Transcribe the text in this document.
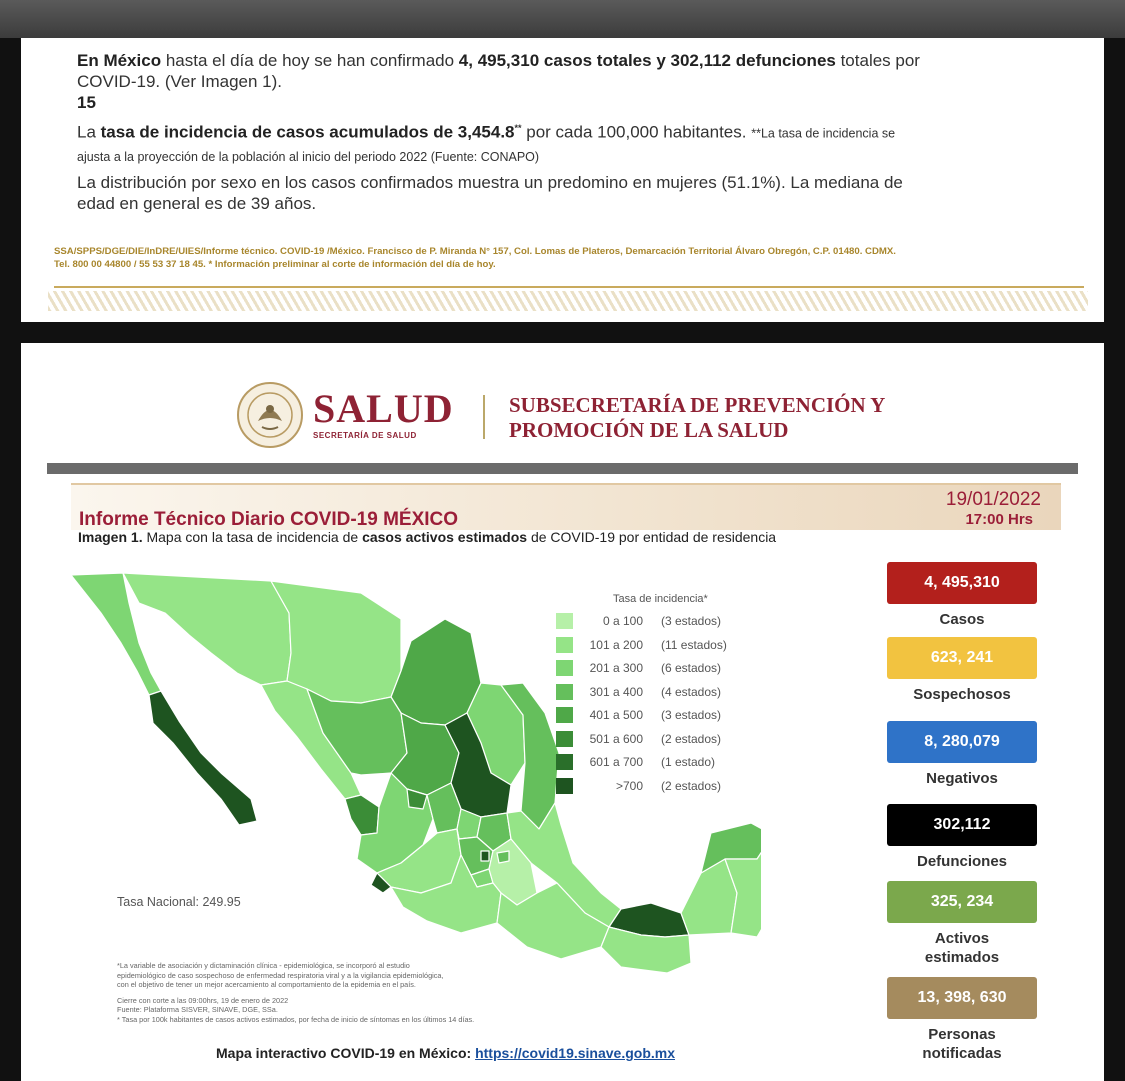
En México hasta el día de hoy se han confirmado 4, 495,310 casos totales y 302,112 defunciones totales por
COVID-19. (Ver Imagen 1).
15
La tasa de incidencia de casos acumulados de 3,454.8** por cada 100,000 habitantes. **La tasa de incidencia se
ajusta a la proyección de la población al inicio del periodo 2022 (Fuente: CONAPO)
La distribución por sexo en los casos confirmados muestra un predomino en mujeres (51.1%). La mediana de
edad en general es de 39 años.
SSA/SPPS/DGE/DIE/InDRE/UIES/Informe técnico. COVID-19 /México. Francisco de P. Miranda N° 157, Col. Lomas de Plateros, Demarcación Territorial Álvaro Obregón, C.P. 01480. CDMX.
Tel. 800 00 44800 / 55 53 37 18 45. * Información preliminar al corte de información del día de hoy.
SALUD
SECRETARÍA DE SALUD
SUBSECRETARÍA DE PREVENCIÓN Y
PROMOCIÓN DE LA SALUD
Informe Técnico Diario COVID-19 MÉXICO
19/01/2022
17:00 Hrs
Imagen 1. Mapa con la tasa de incidencia de casos activos estimados de COVID-19 por entidad de residencia
Tasa de incidencia*
0 a 100 (3 estados)
101 a 200 (11 estados)
201 a 300 (6 estados)
301 a 400 (4 estados)
401 a 500 (3 estados)
501 a 600 (2 estados)
601 a 700 (1 estado)
>700 (2 estados)
Tasa Nacional: 249.95
*La variable de asociación y dictaminación clínica - epidemiológica, se incorporó al estudio
epidemiológico de caso sospechoso de enfermedad respiratoria viral y a la vigilancia epidemiológica,
con el objetivo de tener un mejor acercamiento al comportamiento de la epidemia en el país.
Cierre con corte a las 09:00hrs, 19 de enero de 2022
Fuente: Plataforma SISVER, SINAVE, DGE, SSa.
* Tasa por 100k habitantes de casos activos estimados, por fecha de inicio de síntomas en los últimos 14 días.
Mapa interactivo COVID-19 en México: https://covid19.sinave.gob.mx
4, 495,310
Casos
623, 241
Sospechosos
8, 280,079
Negativos
302,112
Defunciones
325, 234
Activos estimados
13, 398, 630
Personas notificadas
